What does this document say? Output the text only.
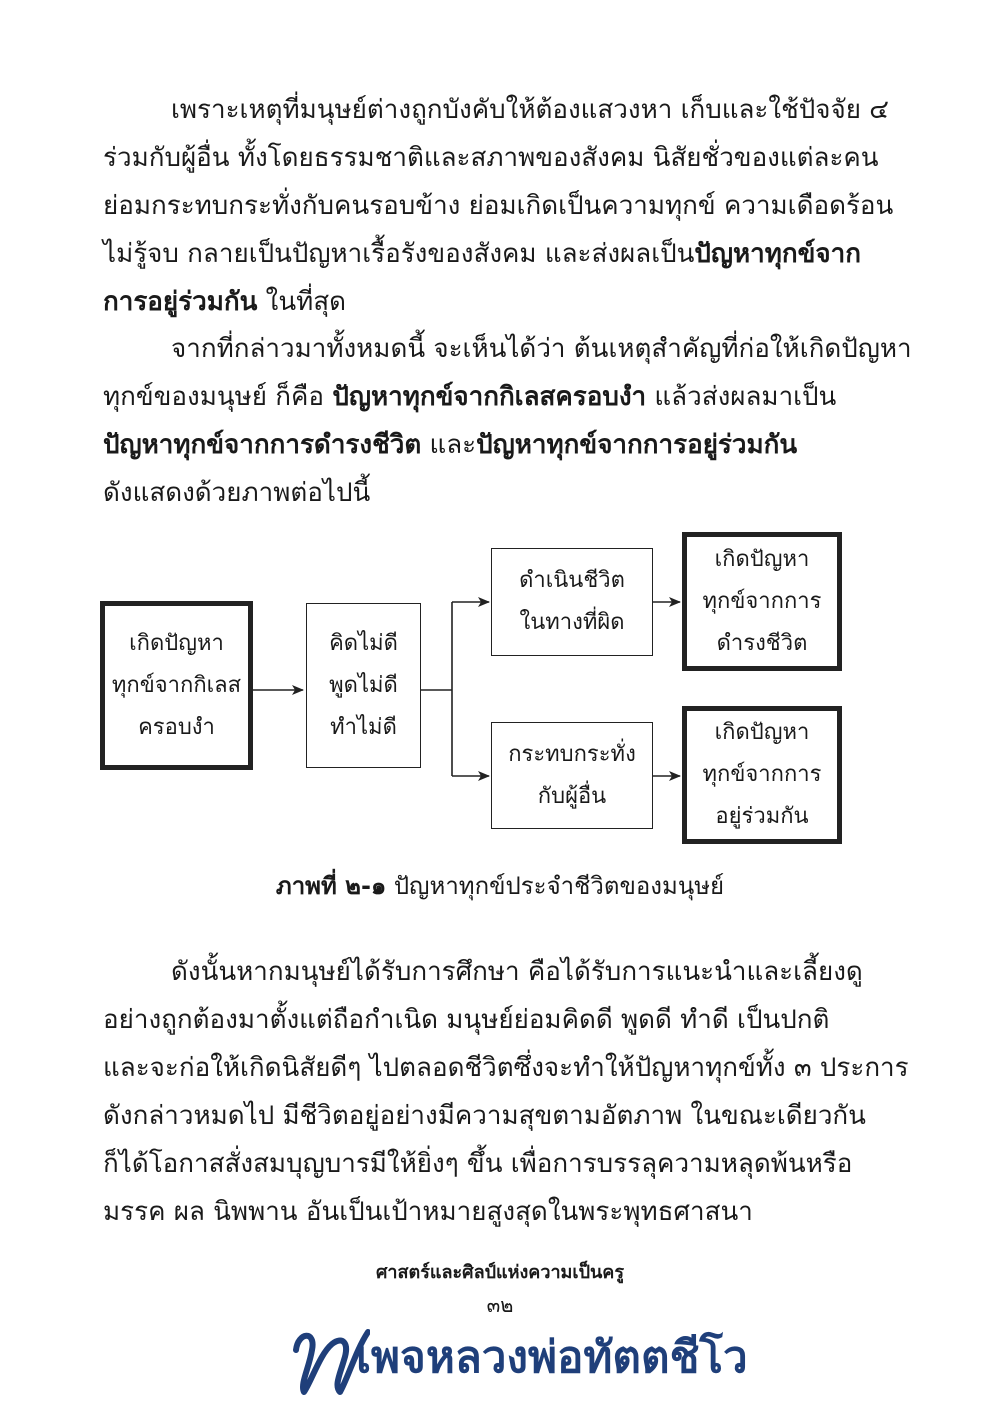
เพราะเหตุที่มนุษย์ต่างถูกบังคับให้ต้องแสวงหา เก็บและใช้ปัจจัย ๔
ร่วมกับผู้อื่น ทั้งโดยธรรมชาติและสภาพของสังคม นิสัยชั่วของแต่ละคน
ย่อมกระทบกระทั่งกับคนรอบข้าง ย่อมเกิดเป็นความทุกข์ ความเดือดร้อน
ไม่รู้จบ กลายเป็นปัญหาเรื้อรังของสังคม และส่งผลเป็นปัญหาทุกข์จาก
การอยู่ร่วมกัน ในที่สุด
จากที่กล่าวมาทั้งหมดนี้ จะเห็นได้ว่า ต้นเหตุสำคัญที่ก่อให้เกิดปัญหา
ทุกข์ของมนุษย์ ก็คือ ปัญหาทุกข์จากกิเลสครอบงำ แล้วส่งผลมาเป็น
ปัญหาทุกข์จากการดำรงชีวิต และปัญหาทุกข์จากการอยู่ร่วมกัน
ดังแสดงด้วยภาพต่อไปนี้
เกิดปัญหา
ทุกข์จากกิเลส
ครอบงำ
คิดไม่ดี
พูดไม่ดี
ทำไม่ดี
ดำเนินชีวิต
ในทางที่ผิด
กระทบกระทั่ง
กับผู้อื่น
เกิดปัญหา
ทุกข์จากการ
ดำรงชีวิต
เกิดปัญหา
ทุกข์จากการ
อยู่ร่วมกัน

ภาพที่ ๒-๑ ปัญหาทุกข์ประจำชีวิตของมนุษย์

ดังนั้นหากมนุษย์ได้รับการศึกษา คือได้รับการแนะนำและเลี้ยงดู
อย่างถูกต้องมาตั้งแต่ถือกำเนิด มนุษย์ย่อมคิดดี พูดดี ทำดี เป็นปกติ
และจะก่อให้เกิดนิสัยดีๆ ไปตลอดชีวิตซึ่งจะทำให้ปัญหาทุกข์ทั้ง ๓ ประการ
ดังกล่าวหมดไป มีชีวิตอยู่อย่างมีความสุขตามอัตภาพ ในขณะเดียวกัน
ก็ได้โอกาสสั่งสมบุญบารมีให้ยิ่งๆ ขึ้น เพื่อการบรรลุความหลุดพ้นหรือ
มรรค ผล นิพพาน อันเป็นเป้าหมายสูงสุดในพระพุทธศาสนา

ศาสตร์และศิลป์แห่งความเป็นครู

๓๒

เพจหลวงพ่อทัตตชีโว
